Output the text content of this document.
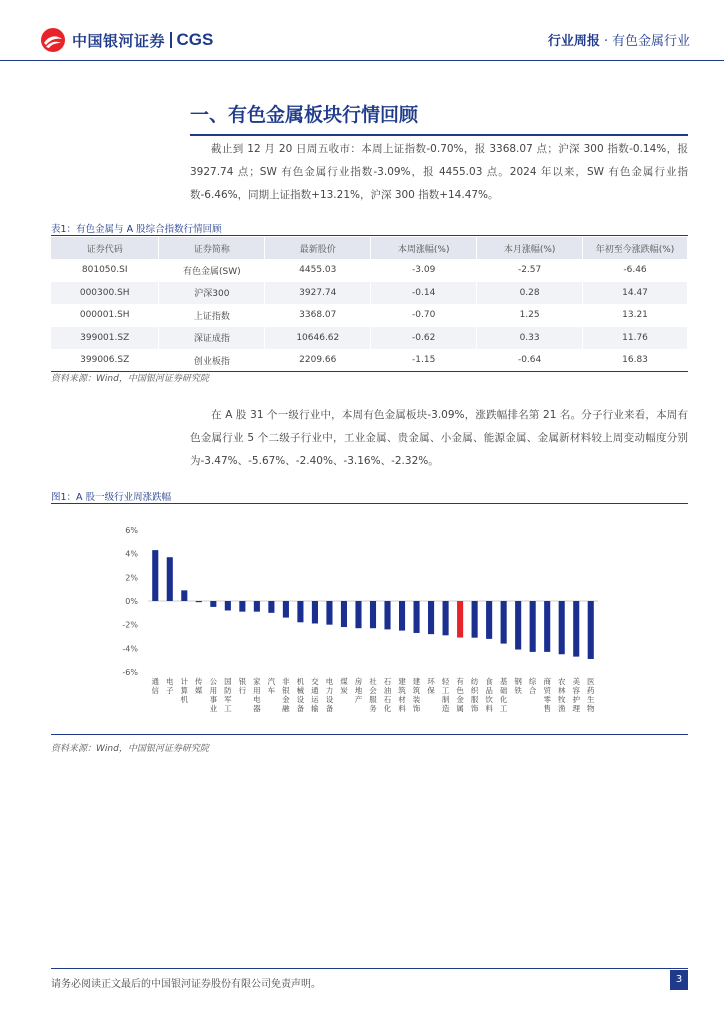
中国银河证券 CGS	行业周报 · 有色金属行业
一、有色金属板块行情回顾

截止到 12 月 20 日周五收市：本周上证指数-0.70%，报 3368.07 点；沪深 300 指数-0.14%，报 3927.74 点；SW 有色金属行业指数-3.09%，报 4455.03 点。2024 年以来，SW 有色金属行业指数-6.46%，同期上证指数+13.21%，沪深 300 指数+14.47%。

表1：有色金属与 A 股综合指数行情回顾
证券代码	证券简称	最新股价	本周涨幅(%)	本月涨幅(%)	年初至今涨跌幅(%)
801050.SI	有色金属(SW)	4455.03	-3.09	-2.57	-6.46
000300.SH	沪深300	3927.74	-0.14	0.28	14.47
000001.SH	上证指数	3368.07	-0.70	1.25	13.21
399001.SZ	深证成指	10646.62	-0.62	0.33	11.76
399006.SZ	创业板指	2209.66	-1.15	-0.64	16.83
资料来源：Wind，中国银河证券研究院

在 A 股 31 个一级行业中，本周有色金属板块-3.09%，涨跌幅排名第 21 名。分子行业来看，本周有色金属行业 5 个二级子行业中，工业金属、贵金属、小金属、能源金属、金属新材料较上周变动幅度分别为-3.47%、-5.67%、-2.40%、-3.16%、-2.32%。

图1：A 股一级行业周涨跌幅
6%
4%
2%
0%
-2%
-4%
-6%
通信
电子
计算机
传媒
公用事业
国防军工
银行
家用电器
汽车
非银金融
机械设备
交通运输
电力设备
煤炭
房地产
社会服务
石油石化
建筑材料
建筑装饰
环保
轻工制造
有色金属
纺织服饰
食品饮料
基础化工
钢铁
综合
商贸零售
农林牧渔
美容护理
医药生物
资料来源：Wind，中国银河证券研究院
请务必阅读正文最后的中国银河证券股份有限公司免责声明。	3
